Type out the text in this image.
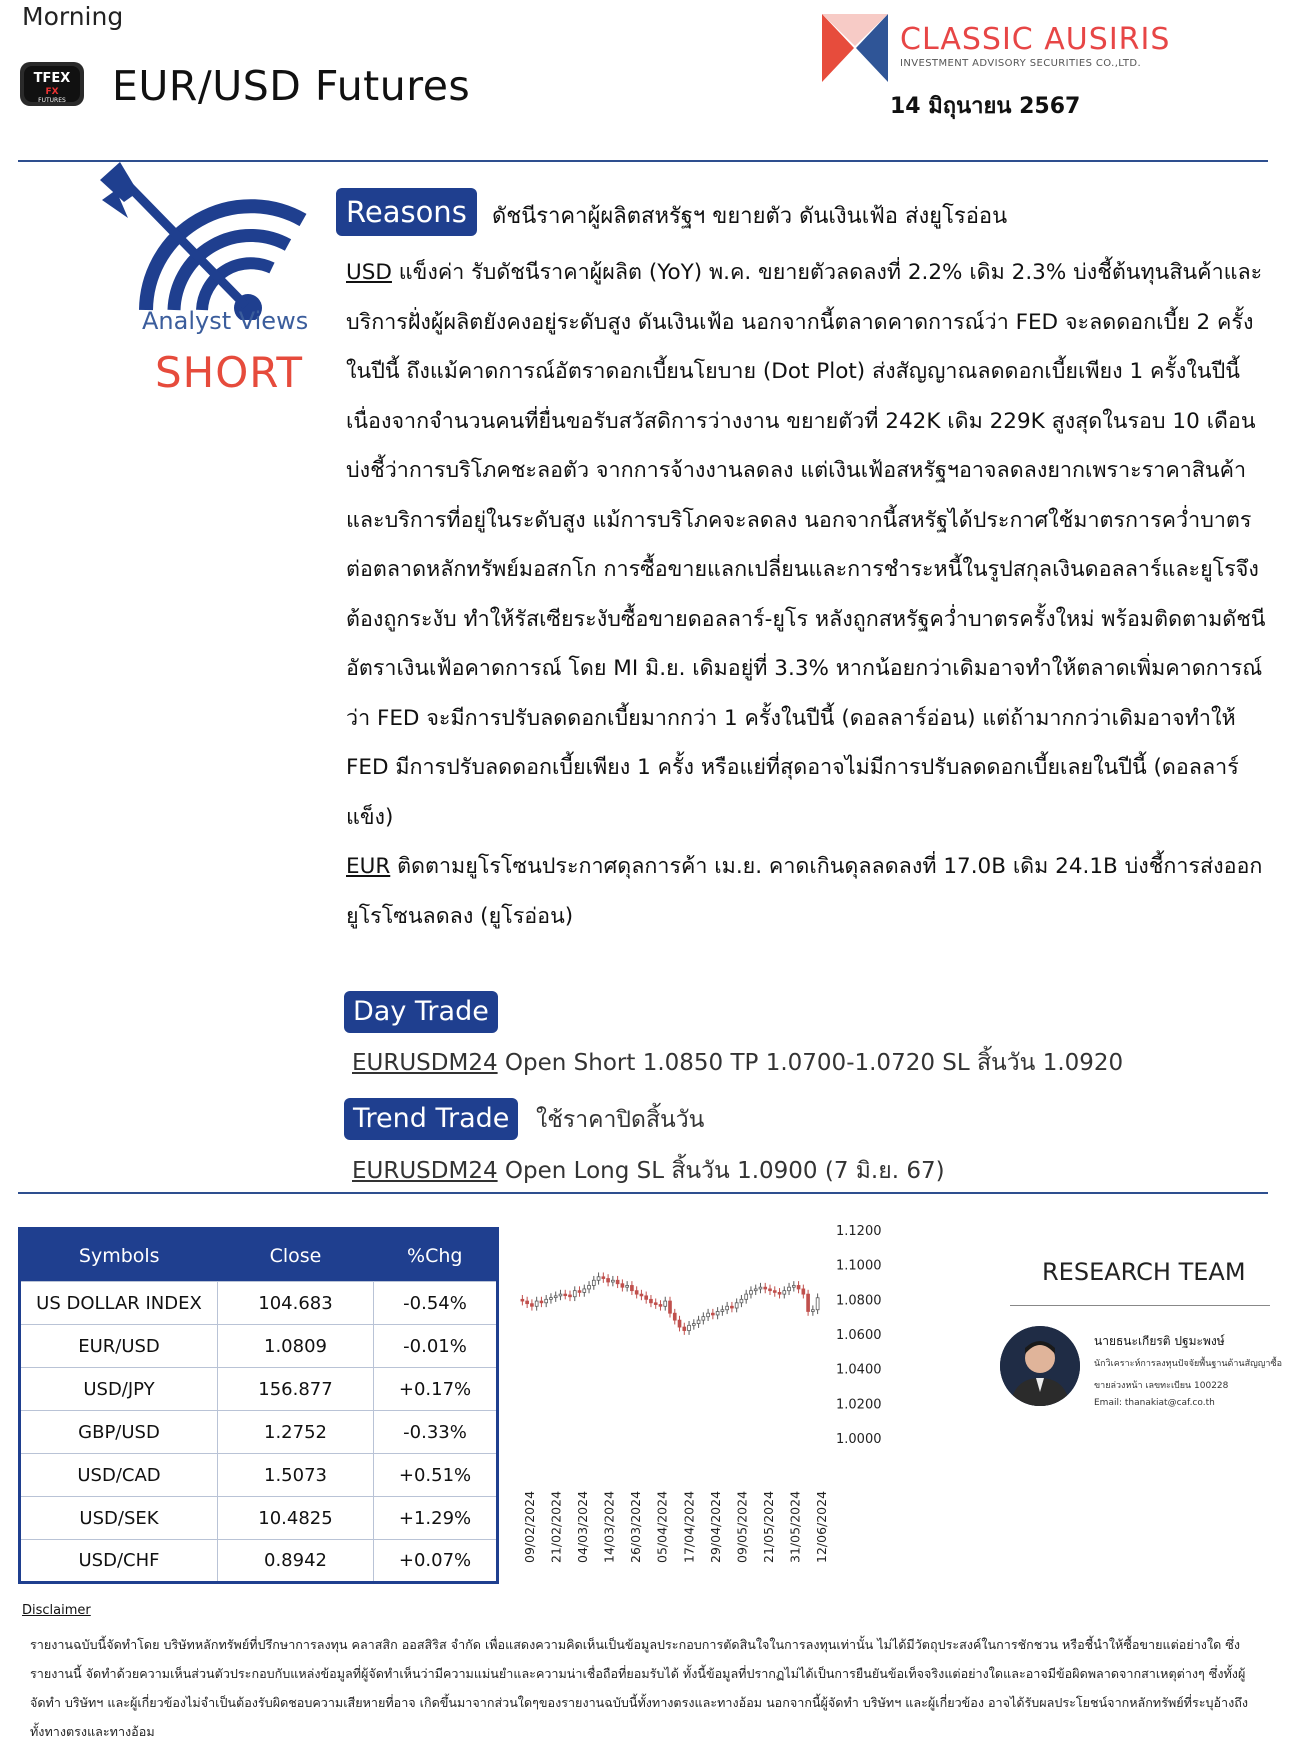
Morning
TFEX
FX
FUTURES EUR/USD Futures
CLASSIC AUSIRIS
INVESTMENT ADVISORY SECURITIES CO.,LTD.
14 มิถุนายน 2567
Analyst Views
SHORT
Reasons	ดัชนีราคาผู้ผลิตสหรัฐฯ ขยายตัว ดันเงินเฟ้อ ส่งยูโรอ่อน

USD แข็งค่า รับดัชนีราคาผู้ผลิต (YoY) พ.ค. ขยายตัวลดลงที่ 2.2% เดิม 2.3% บ่งชี้ต้นทุนสินค้าและบริการฝั่งผู้ผลิตยังคงอยู่ระดับสูง ดันเงินเฟ้อ นอกจากนี้ตลาดคาดการณ์ว่า FED จะลดดอกเบี้ย 2 ครั้งในปีนี้ ถึงแม้คาดการณ์อัตราดอกเบี้ยนโยบาย (Dot Plot) ส่งสัญญาณลดดอกเบี้ยเพียง 1 ครั้งในปีนี้ เนื่องจากจำนวนคนที่ยื่นขอรับสวัสดิการว่างงาน ขยายตัวที่ 242K เดิม 229K สูงสุดในรอบ 10 เดือน บ่งชี้ว่าการบริโภคชะลอตัว จากการจ้างงานลดลง แต่เงินเฟ้อสหรัฐฯอาจลดลงยากเพราะราคาสินค้าและบริการที่อยู่ในระดับสูง แม้การบริโภคจะลดลง นอกจากนี้สหรัฐได้ประกาศใช้มาตรการคว่ำบาตรต่อตลาดหลักทรัพย์มอสกโก การซื้อขายแลกเปลี่ยนและการชำระหนี้ในรูปสกุลเงินดอลลาร์และยูโรจึงต้องถูกระงับ ทำให้รัสเซียระงับซื้อขายดอลลาร์-ยูโร หลังถูกสหรัฐคว่ำบาตรครั้งใหม่ พร้อมติดตามดัชนีอัตราเงินเฟ้อคาดการณ์ โดย MI มิ.ย. เดิมอยู่ที่ 3.3% หากน้อยกว่าเดิมอาจทำให้ตลาดเพิ่มคาดการณ์ว่า FED จะมีการปรับลดดอกเบี้ยมากกว่า 1 ครั้งในปีนี้ (ดอลลาร์อ่อน) แต่ถ้ามากกว่าเดิมอาจทำให้ FED มีการปรับลดดอกเบี้ยเพียง 1 ครั้ง หรือแย่ที่สุดอาจไม่มีการปรับลดดอกเบี้ยเลยในปีนี้ (ดอลลาร์แข็ง)

EUR ติดตามยูโรโซนประกาศดุลการค้า เม.ย. คาดเกินดุลลดลงที่ 17.0B เดิม 24.1B บ่งชี้การส่งออกยูโรโซนลดลง (ยูโรอ่อน)

Day Trade
EURUSDM24 Open Short 1.0850 TP 1.0700-1.0720 SL สิ้นวัน 1.0920
Trend Trade	ใช้ราคาปิดสิ้นวัน
EURUSDM24 Open Long SL สิ้นวัน 1.0900 (7 มิ.ย. 67)
Symbols	Close	%Chg
US DOLLAR INDEX	104.683	-0.54%
EUR/USD	1.0809	-0.01%
USD/JPY	156.877	+0.17%
GBP/USD	1.2752	-0.33%
USD/CAD	1.5073	+0.51%
USD/SEK	10.4825	+1.29%
USD/CHF	0.8942	+0.07%
1.1200
1.1000
1.0800
1.0600
1.0400
1.0200
1.0000
09/02/2024 21/02/2024 04/03/2024 14/03/2024 26/03/2024 05/04/2024 17/04/2024 29/04/2024 09/05/2024 21/05/2024 31/05/2024 12/06/2024
RESEARCH TEAM
นายธนะเกียรติ ปฐมะพงษ์
นักวิเคราะห์การลงทุนปัจจัยพื้นฐานด้านสัญญาซื้อ
ขายล่วงหน้า เลขทะเบียน 100228
Email: thanakiat@caf.co.th
Disclaimer
รายงานฉบับนี้จัดทำโดย บริษัทหลักทรัพย์ที่ปรึกษาการลงทุน คลาสสิก ออสสิริส จำกัด เพื่อแสดงความคิดเห็นเป็นข้อมูลประกอบการตัดสินใจในการลงทุนเท่านั้น ไม่ได้มีวัตถุประสงค์ในการชักชวน หรือชี้นำให้ซื้อขายแต่อย่างใด ซึ่งรายงานนี้ จัดทำด้วยความเห็นส่วนตัวประกอบกับแหล่งข้อมูลที่ผู้จัดทำเห็นว่ามีความแม่นยำและความน่าเชื่อถือที่ยอมรับได้ ทั้งนี้ข้อมูลที่ปรากฏไม่ได้เป็นการยืนยันข้อเท็จจริงแต่อย่างใดและอาจมีข้อผิดพลาดจากสาเหตุต่างๆ ซึ่งทั้งผู้จัดทำ บริษัทฯ และผู้เกี่ยวข้องไม่จำเป็นต้องรับผิดชอบความเสียหายที่อาจ เกิดขึ้นมาจากส่วนใดๆของรายงานฉบับนี้ทั้งทางตรงและทางอ้อม นอกจากนี้ผู้จัดทำ บริษัทฯ และผู้เกี่ยวข้อง อาจได้รับผลประโยชน์จากหลักทรัพย์ที่ระบุอ้างถึงทั้งทางตรงและทางอ้อม
